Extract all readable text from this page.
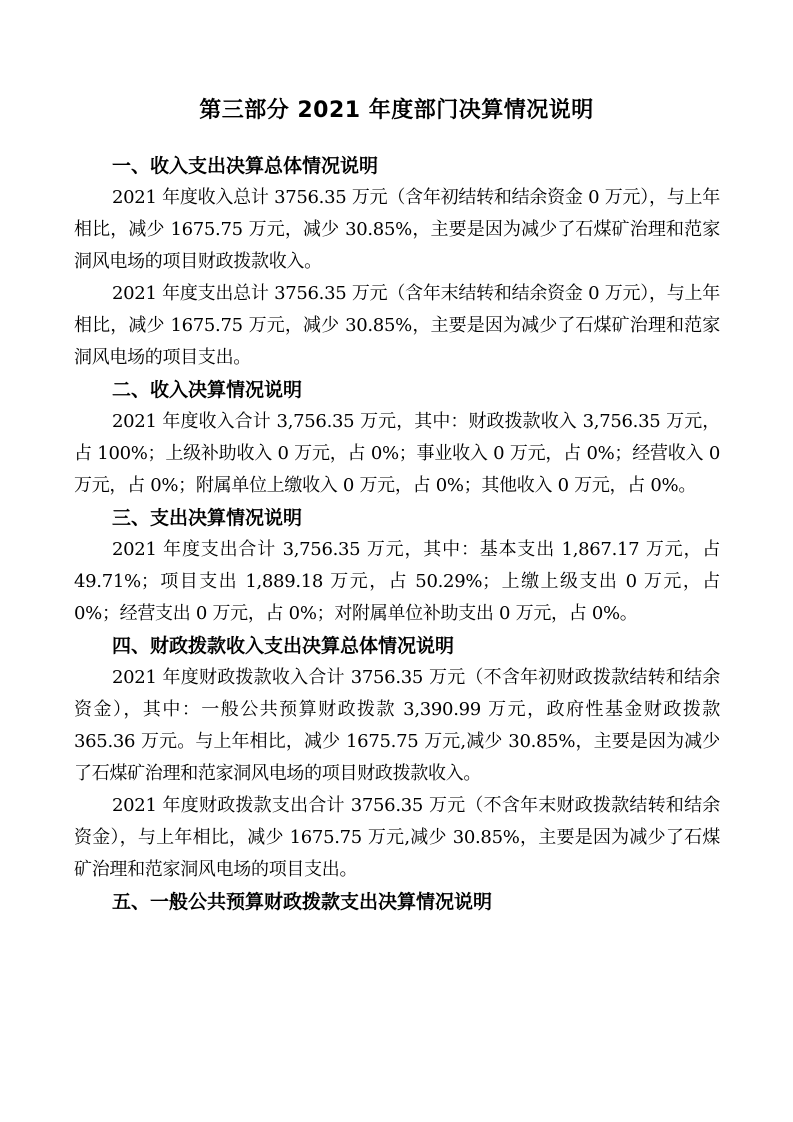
第三部分 2021 年度部门决算情况说明

一、收入支出决算总体情况说明

2021 年度收入总计 3756.35 万元（含年初结转和结余资金 0 万元），与上年相比，减少 1675.75 万元，减少 30.85%，主要是因为减少了石煤矿治理和范家洞风电场的项目财政拨款收入。

2021 年度支出总计 3756.35 万元（含年末结转和结余资金 0 万元），与上年相比，减少 1675.75 万元，减少 30.85%，主要是因为减少了石煤矿治理和范家洞风电场的项目支出。

二、收入决算情况说明

2021 年度收入合计 3,756.35 万元，其中：财政拨款收入 3,756.35 万元，占 100%；上级补助收入 0 万元，占 0%；事业收入 0 万元，占 0%；经营收入 0 万元，占 0%；附属单位上缴收入 0 万元，占 0%；其他收入 0 万元，占 0%。

三、支出决算情况说明

2021 年度支出合计 3,756.35 万元，其中：基本支出 1,867.17 万元，占 49.71%；项目支出 1,889.18 万元，占 50.29%；上缴上级支出 0 万元，占 0%；经营支出 0 万元，占 0%；对附属单位补助支出 0 万元，占 0%。

四、财政拨款收入支出决算总体情况说明

2021 年度财政拨款收入合计 3756.35 万元（不含年初财政拨款结转和结余资金），其中：一般公共预算财政拨款 3,390.99 万元，政府性基金财政拨款 365.36 万元。与上年相比，减少 1675.75 万元,减少 30.85%，主要是因为减少了石煤矿治理和范家洞风电场的项目财政拨款收入。

2021 年度财政拨款支出合计 3756.35 万元（不含年末财政拨款结转和结余资金），与上年相比，减少 1675.75 万元,减少 30.85%，主要是因为减少了石煤矿治理和范家洞风电场的项目支出。

五、一般公共预算财政拨款支出决算情况说明
